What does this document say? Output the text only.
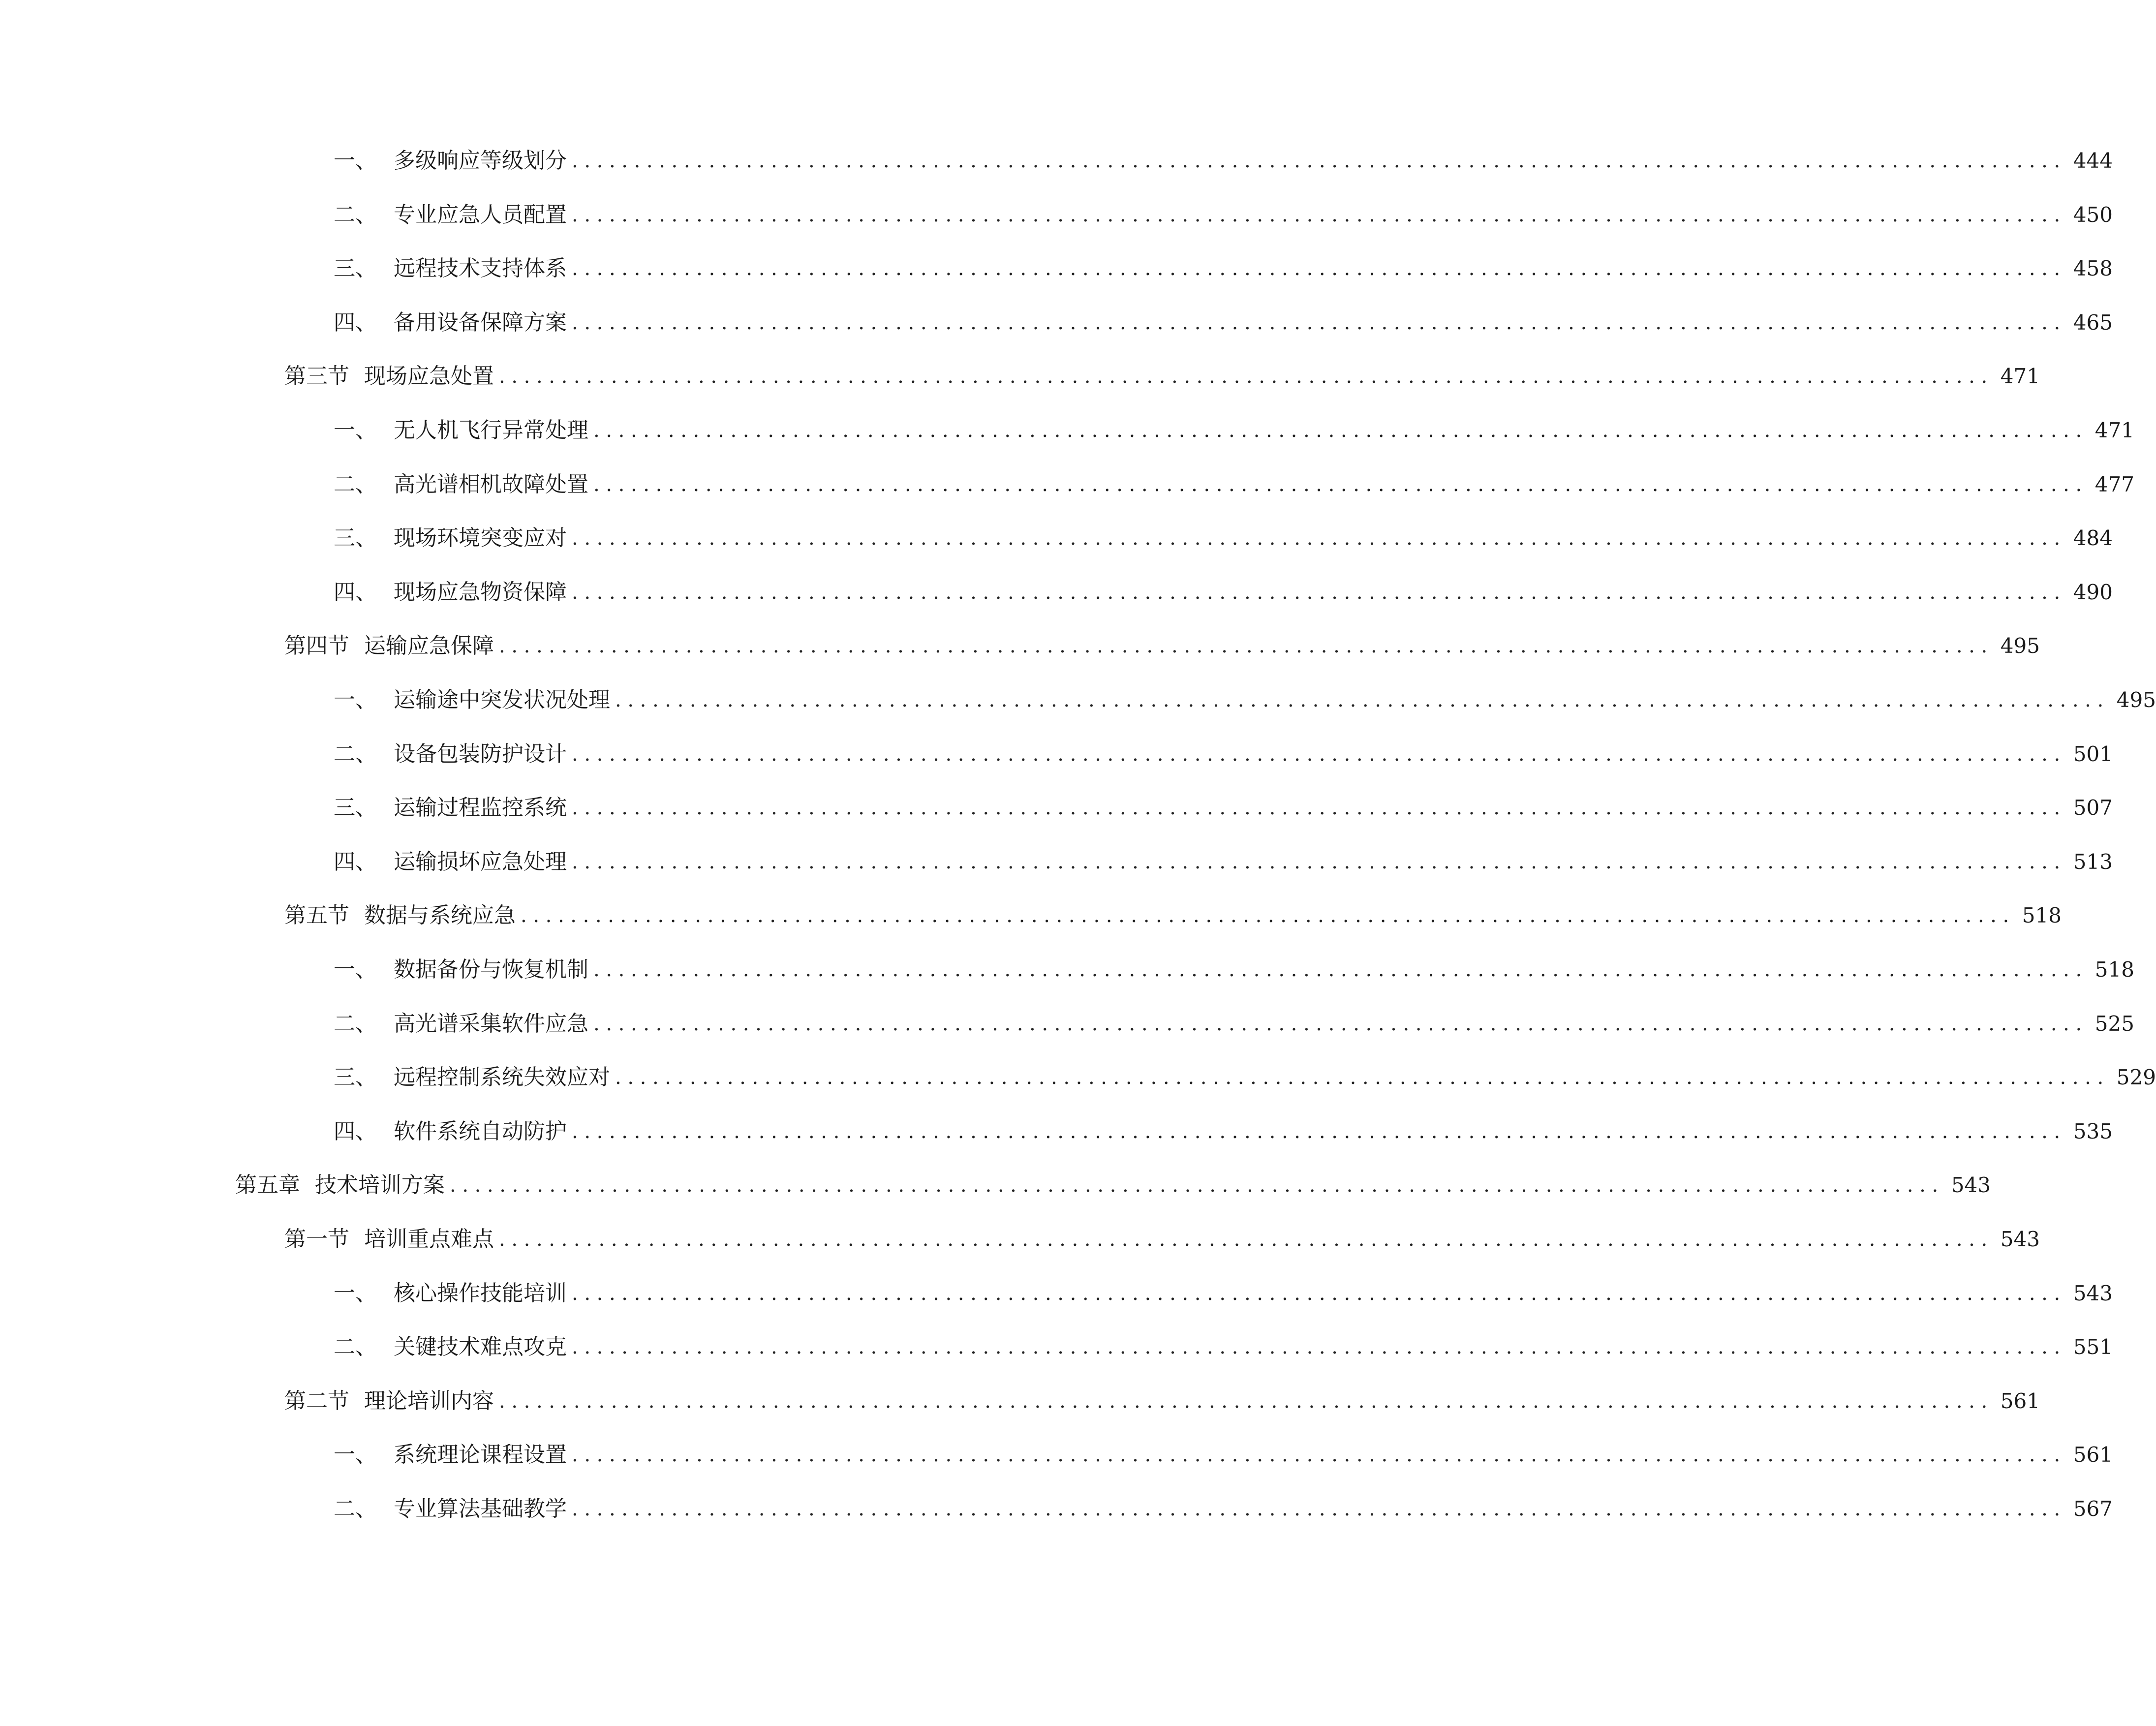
一、 多级响应等级划分 ........................................................................................................................ 444
二、 专业应急人员配置 ........................................................................................................................ 450
三、 远程技术支持体系 ........................................................................................................................ 458
四、 备用设备保障方案 ........................................................................................................................ 465
第三节 现场应急处置 ........................................................................................................................ 471
一、 无人机飞行异常处理 ........................................................................................................................ 471
二、 高光谱相机故障处置 ........................................................................................................................ 477
三、 现场环境突变应对 ........................................................................................................................ 484
四、 现场应急物资保障 ........................................................................................................................ 490
第四节 运输应急保障 ........................................................................................................................ 495
一、 运输途中突发状况处理 ........................................................................................................................ 495
二、 设备包装防护设计 ........................................................................................................................ 501
三、 运输过程监控系统 ........................................................................................................................ 507
四、 运输损坏应急处理 ........................................................................................................................ 513
第五节 数据与系统应急 ........................................................................................................................ 518
一、 数据备份与恢复机制 ........................................................................................................................ 518
二、 高光谱采集软件应急 ........................................................................................................................ 525
三、 远程控制系统失效应对 ........................................................................................................................ 529
四、 软件系统自动防护 ........................................................................................................................ 535
第五章 技术培训方案 ........................................................................................................................ 543
第一节 培训重点难点 ........................................................................................................................ 543
一、 核心操作技能培训 ........................................................................................................................ 543
二、 关键技术难点攻克 ........................................................................................................................ 551
第二节 理论培训内容 ........................................................................................................................ 561
一、 系统理论课程设置 ........................................................................................................................ 561
二、 专业算法基础教学 ........................................................................................................................ 567
